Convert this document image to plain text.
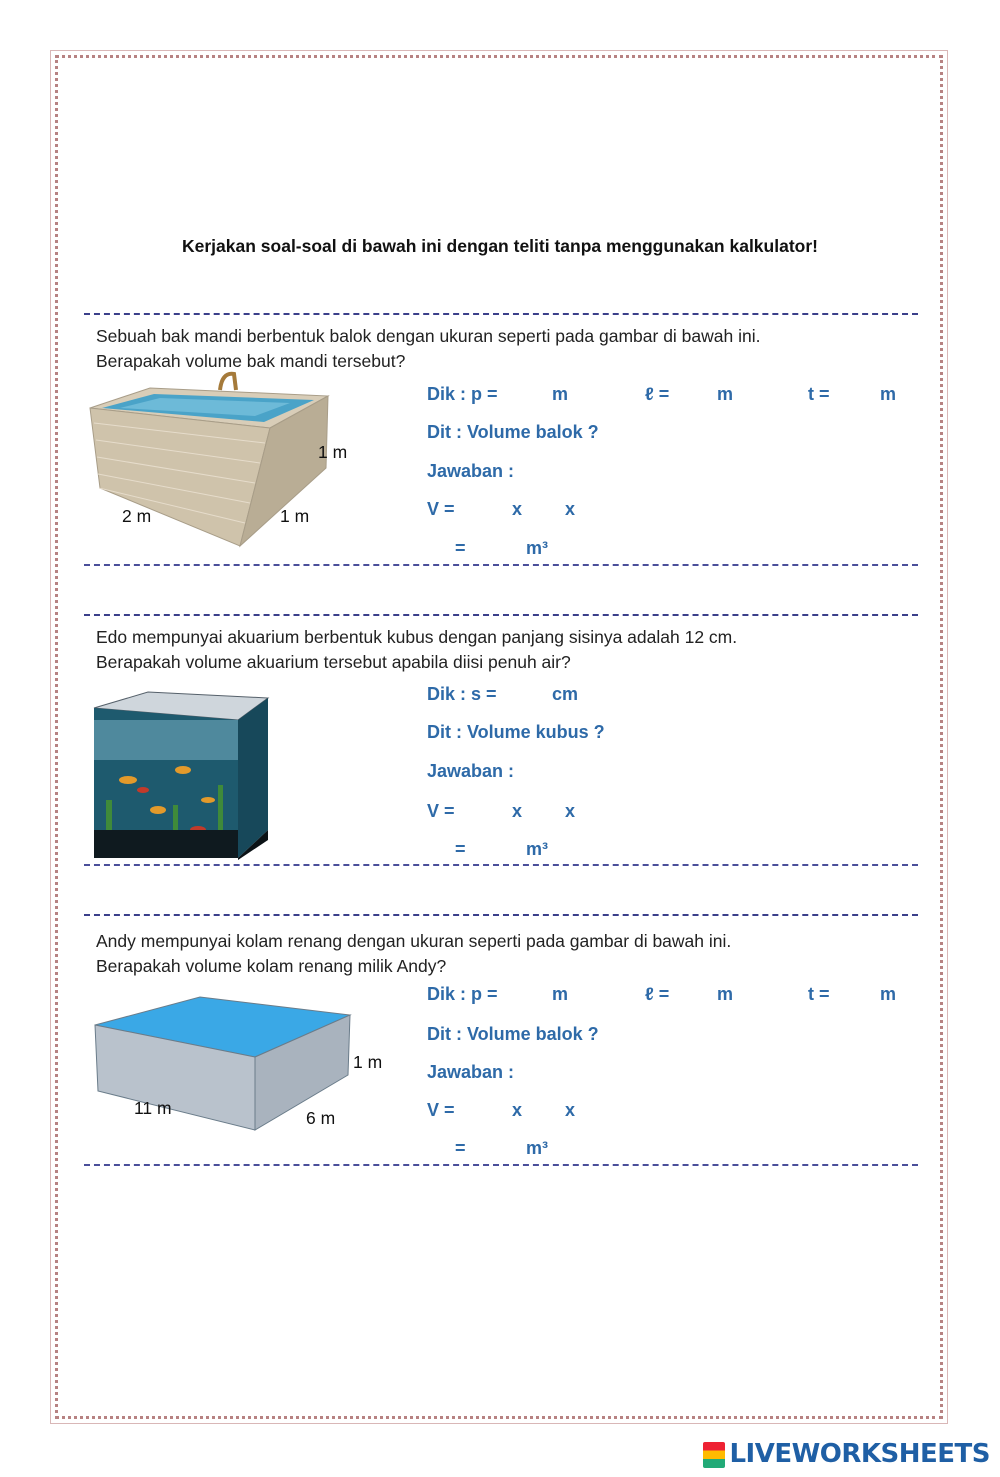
Kerjakan soal-soal di bawah ini dengan teliti tanpa menggunakan kalkulator!
Sebuah bak mandi berbentuk balok dengan ukuran seperti pada gambar di bawah ini.
Berapakah volume bak mandi tersebut?
1 m
2 m	1 m
Dik : p =	m	ℓ =	m	t =	m
Dit : Volume balok ?
Jawaban :
V =	x x
=	m³
Edo mempunyai akuarium berbentuk kubus dengan panjang sisinya adalah 12 cm.
Berapakah volume akuarium tersebut apabila diisi penuh air?
Dik : s =	cm
Dit : Volume kubus ?
Jawaban :
V =	x x
=	m³
Andy mempunyai kolam renang dengan ukuran seperti pada gambar di bawah ini.
Berapakah volume kolam renang milik Andy?
1 m
11 m	6 m
Dik : p =	m	ℓ =	m	t =	m
Dit : Volume balok ?
Jawaban :
V =	x x
=	m³
LIVEWORKSHEETS
